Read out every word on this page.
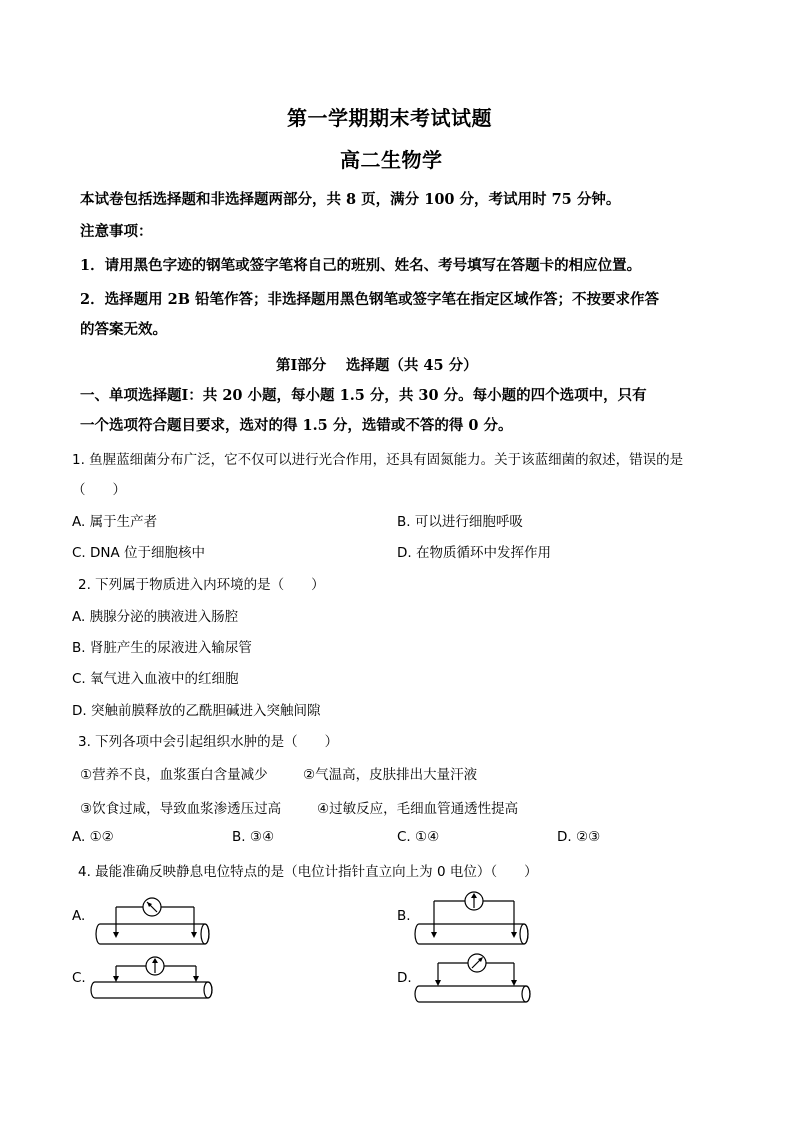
第一学期期末考试试题
高二生物学
本试卷包括选择题和非选择题两部分，共 8 页，满分 100 分，考试用时 75 分钟。
注意事项：
1．请用黑色字迹的钢笔或签字笔将自己的班别、姓名、考号填写在答题卡的相应位置。
2．选择题用 2B 铅笔作答；非选择题用黑色钢笔或签字笔在指定区域作答；不按要求作答
的答案无效。
第Ⅰ部分　 选择题（共 45 分）
一、单项选择题Ⅰ：共 20 小题，每小题 1.5 分，共 30 分。每小题的四个选项中，只有
一个选项符合题目要求，选对的得 1.5 分，选错或不答的得 0 分。
1. 鱼腥蓝细菌分布广泛，它不仅可以进行光合作用，还具有固氮能力。关于该蓝细菌的叙述，错误的是
（　　）
A. 属于生产者	B. 可以进行细胞呼吸
C. DNA 位于细胞核中	D. 在物质循环中发挥作用
2. 下列属于物质进入内环境的是（　　）
A. 胰腺分泌的胰液进入肠腔
B. 肾脏产生的尿液进入输尿管
C. 氧气进入血液中的红细胞
D. 突触前膜释放的乙酰胆碱进入突触间隙
3. 下列各项中会引起组织水肿的是（　　）
①营养不良，血浆蛋白含量减少	②气温高，皮肤排出大量汗液
③饮食过咸，导致血浆渗透压过高	④过敏反应，毛细血管通透性提高
A. ①②	B. ③④	C. ①④	D. ②③
4. 最能准确反映静息电位特点的是（电位计指针直立向上为 0 电位）（　　）
A.	B.
C.	D.
